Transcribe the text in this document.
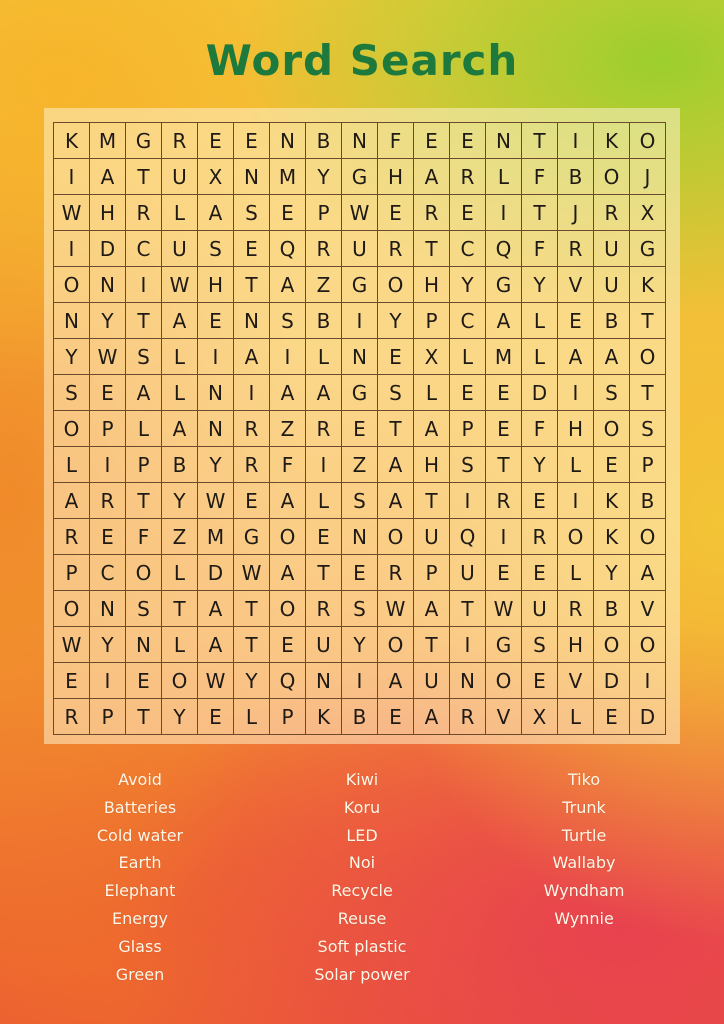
Word Search
K	M G	R	E	E	N	B	N	F	E	E	N	T	I	K	O
I	A	T	U	X	N M	Y	G	H	A	R	L	F	B	O	J
W H	R	L	A	S	E	P	W E	R	E	I	T	J	R	X
I	D	C	U	S	E	Q	R	U	R	T	C	Q	F	R	U	G
O	N	I	W H	T	A	Z	G	O	H	Y	G	Y	V	U	K
N	Y	T	A	E	N	S	B	I	Y	P	C	A	L	E	B	T
Y	W S	L	I	A	I	L	N	E	X	L	M	L	A	A	O
S	E	A	L	N	I	A	A	G	S	L	E	E	D	I	S	T
O	P	L	A	N	R	Z	R	E	T	A	P	E	F	H	O	S
L	I	P	B	Y	R	F	I	Z	A	H	S	T	Y	L	E	P
A	R	T	Y	W E	A	L	S	A	T	I	R	E	I	K	B
R	E	F	Z	M G	O	E	N	O	U	Q	I	R	O	K	O
P	C	O	L	D W A	T	E	R	P	U	E	E	L	Y	A
O	N	S	T	A	T	O	R	S W A	T	W U	R	B	V
W	Y	N	L	A	T	E	U	Y	O	T	I	G	S	H	O	O
E	I	E	O W	Y	Q	N	I	A	U	N	O	E	V	D	I
R	P	T	Y	E	L	P	K	B	E	A	R	V	X	L	E	D
Avoid
Batteries
Cold water
Earth
Elephant
Energy
Glass
Green
Kiwi
Koru
LED
Noi
Recycle
Reuse
Soft plastic
Solar power
Tiko
Trunk
Turtle
Wallaby
Wyndham
Wynnie
